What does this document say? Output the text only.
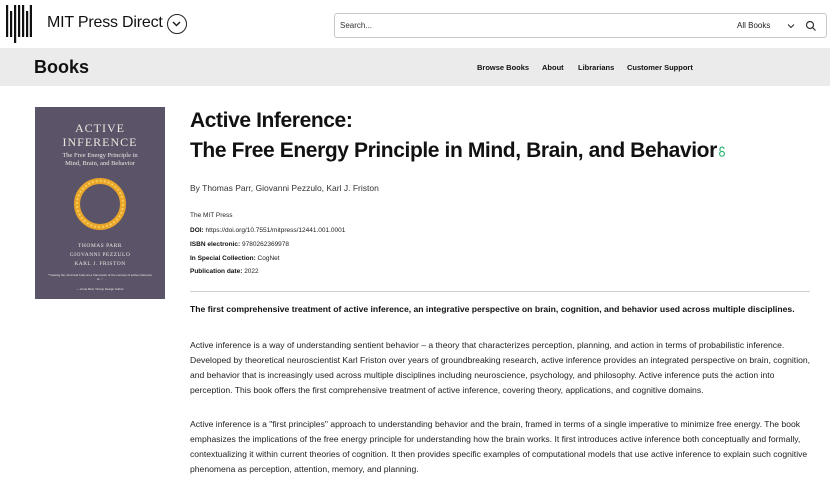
MIT Press Direct
Search...	All Books
Books	Browse Books About Librarians Customer Support
ACTIVE
INFERENCE
The Free Energy Principle in
Mind, Brain, and Behavior
THOMAS PARR
GIOVANNI PEZZULO
KARL J. FRISTON
"Treating the mind and brain as a framework of the concept of active inference is..."
— Anna Mult, Timely Design Author
Active Inference:
The Free Energy Principle in Mind, Brain, and Behavior
By Thomas Parr, Giovanni Pezzulo, Karl J. Friston
The MIT Press
DOI: https://doi.org/10.7551/mitpress/12441.001.0001
ISBN electronic: 9780262369978
In Special Collection: CogNet
Publication date: 2022
The first comprehensive treatment of active inference, an integrative perspective on brain, cognition, and behavior used across multiple disciplines.
Active inference is a way of understanding sentient behavior – a theory that characterizes perception, planning, and action in terms of probabilistic inference. Developed by theoretical neuroscientist Karl Friston over years of groundbreaking research, active inference provides an integrated perspective on brain, cognition, and behavior that is increasingly used across multiple disciplines including neuroscience, psychology, and philosophy. Active inference puts the action into perception. This book offers the first comprehensive treatment of active inference, covering theory, applications, and cognitive domains.
Active inference is a "first principles" approach to understanding behavior and the brain, framed in terms of a single imperative to minimize free energy. The book emphasizes the implications of the free energy principle for understanding how the brain works. It first introduces active inference both conceptually and formally, contextualizing it within current theories of cognition. It then provides specific examples of computational models that use active inference to explain such cognitive phenomena as perception, attention, memory, and planning.
